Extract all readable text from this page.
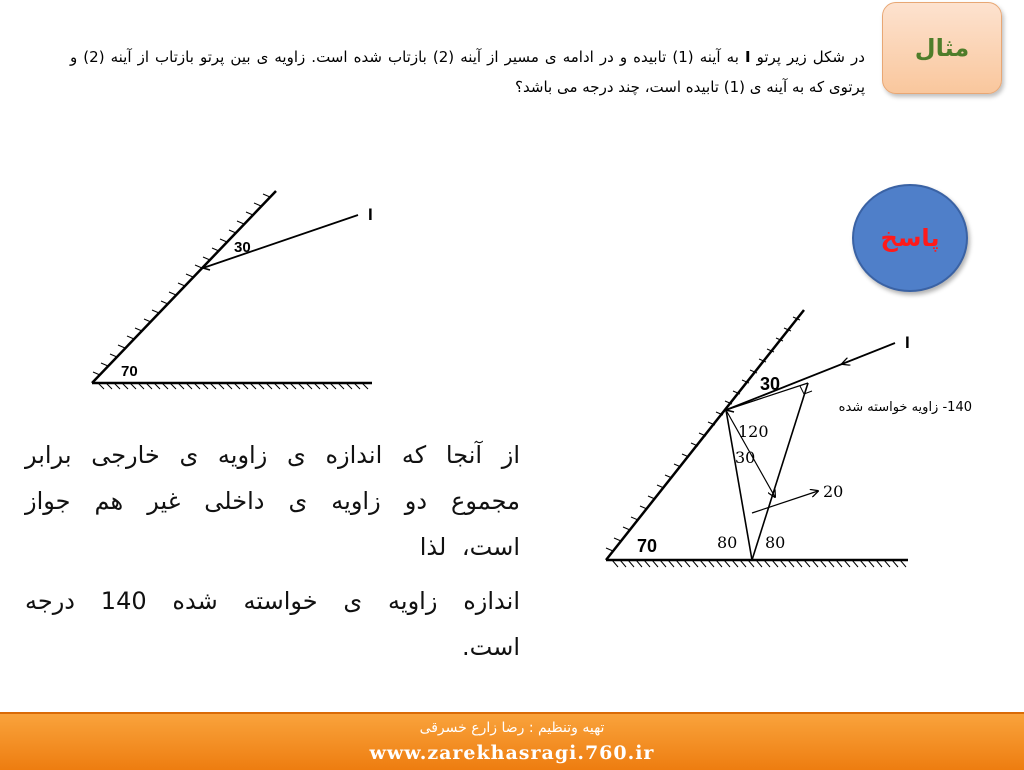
مثال
در شکل زیر پرتو I به آینه (1) تابیده و در ادامه ی مسیر از آینه (2) بازتاب شده است. زاویه ی بین پرتو بازتاب از آینه (2) و پرتوی که به آینه ی (1) تابیده است، چند درجه می باشد؟
پاسخ
I
30
70
I
30
70
120
30
80 80
20
140- زاویه خواسته شده

از آنجا که اندازه ی زاویه ی خارجی برابر مجموع دو زاویه ی داخلی غیر هم جواز است، لذا

اندازه زاویه ی خواسته شده 140 درجه است.

تهیه وتنظیم : رضا زارع خسرقی
www.zarekhasragi.760.ir
